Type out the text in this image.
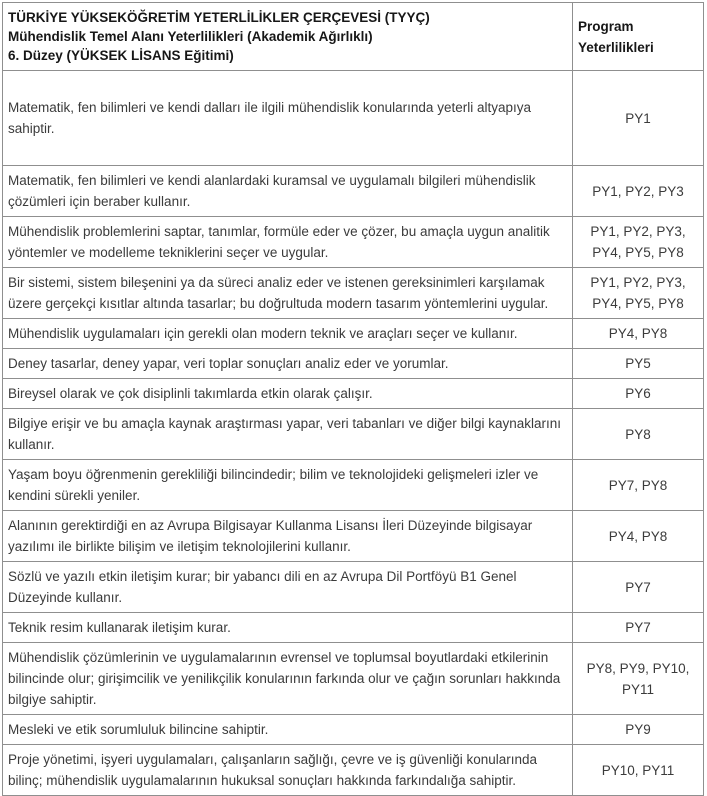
TÜRKİYE YÜKSEKÖĞRETİM YETERLİLİKLER ÇERÇEVESİ (TYYÇ)
Mühendislik Temel Alanı Yeterlilikleri (Akademik Ağırlıklı)
6. Düzey (YÜKSEK LİSANS Eğitimi)	Program Yeterlilikleri
Matematik, fen bilimleri ve kendi dalları ile ilgili mühendislik konularında yeterli altyapıya sahiptir.	PY1
Matematik, fen bilimleri ve kendi alanlardaki kuramsal ve uygulamalı bilgileri mühendislik çözümleri için beraber kullanır.	PY1, PY2, PY3
Mühendislik problemlerini saptar, tanımlar, formüle eder ve çözer, bu amaçla uygun analitik yöntemler ve modelleme tekniklerini seçer ve uygular.	PY1, PY2, PY3, PY4, PY5, PY8
Bir sistemi, sistem bileşenini ya da süreci analiz eder ve istenen gereksinimleri karşılamak üzere gerçekçi kısıtlar altında tasarlar; bu doğrultuda modern tasarım yöntemlerini uygular.	PY1, PY2, PY3, PY4, PY5, PY8
Mühendislik uygulamaları için gerekli olan modern teknik ve araçları seçer ve kullanır.	PY4, PY8
Deney tasarlar, deney yapar, veri toplar sonuçları analiz eder ve yorumlar.	PY5
Bireysel olarak ve çok disiplinli takımlarda etkin olarak çalışır.	PY6
Bilgiye erişir ve bu amaçla kaynak araştırması yapar, veri tabanları ve diğer bilgi kaynaklarını kullanır.	PY8
Yaşam boyu öğrenmenin gerekliliği bilincindedir; bilim ve teknolojideki gelişmeleri izler ve kendini sürekli yeniler.	PY7, PY8
Alanının gerektirdiği en az Avrupa Bilgisayar Kullanma Lisansı İleri Düzeyinde bilgisayar yazılımı ile birlikte bilişim ve iletişim teknolojilerini kullanır.	PY4, PY8
Sözlü ve yazılı etkin iletişim kurar; bir yabancı dili en az Avrupa Dil Portföyü B1 Genel Düzeyinde kullanır.	PY7
Teknik resim kullanarak iletişim kurar.	PY7
Mühendislik çözümlerinin ve uygulamalarının evrensel ve toplumsal boyutlardaki etkilerinin bilincinde olur; girişimcilik ve yenilikçilik konularının farkında olur ve çağın sorunları hakkında bilgiye sahiptir.	PY8, PY9, PY10, PY11
Mesleki ve etik sorumluluk bilincine sahiptir.	PY9
Proje yönetimi, işyeri uygulamaları, çalışanların sağlığı, çevre ve iş güvenliği konularında bilinç; mühendislik uygulamalarının hukuksal sonuçları hakkında farkındalığa sahiptir.	PY10, PY11
